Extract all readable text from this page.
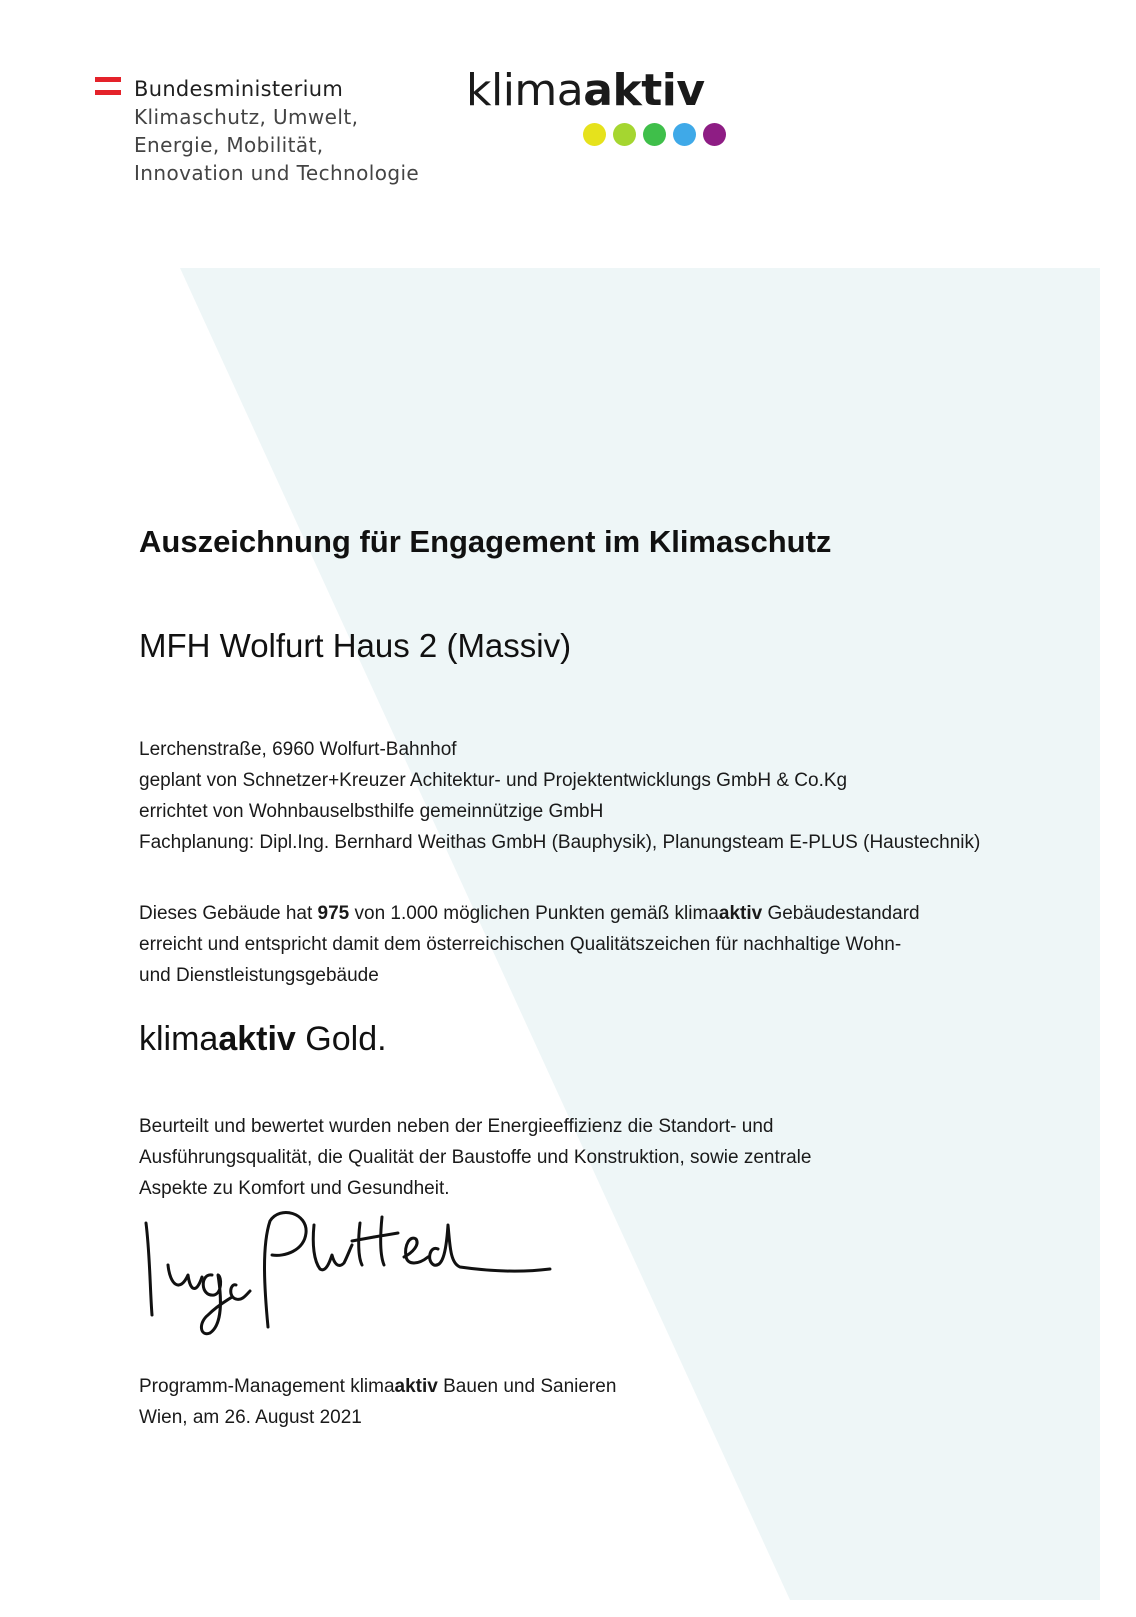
Bundesministerium
Klimaschutz, Umwelt,
Energie, Mobilität,
Innovation und Technologie
klimaaktiv
Auszeichnung für Engagement im Klimaschutz
MFH Wolfurt Haus 2 (Massiv)
Lerchenstraße, 6960 Wolfurt-Bahnhof
geplant von Schnetzer+Kreuzer Achitektur- und Projektentwicklungs GmbH & Co.Kg
errichtet von Wohnbauselbsthilfe gemeinnützige GmbH
Fachplanung: Dipl.Ing. Bernhard Weithas GmbH (Bauphysik), Planungsteam E-PLUS (Haustechnik)
Dieses Gebäude hat 975 von 1.000 möglichen Punkten gemäß klimaaktiv Gebäudestandard
erreicht und entspricht damit dem österreichischen Qualitätszeichen für nachhaltige Wohn-
und Dienstleistungsgebäude
klimaaktiv Gold.
Beurteilt und bewertet wurden neben der Energieeffizienz die Standort- und
Ausführungsqualität, die Qualität der Baustoffe und Konstruktion, sowie zentrale
Aspekte zu Komfort und Gesundheit.
Programm-Management klimaaktiv Bauen und Sanieren
Wien, am 26. August 2021
